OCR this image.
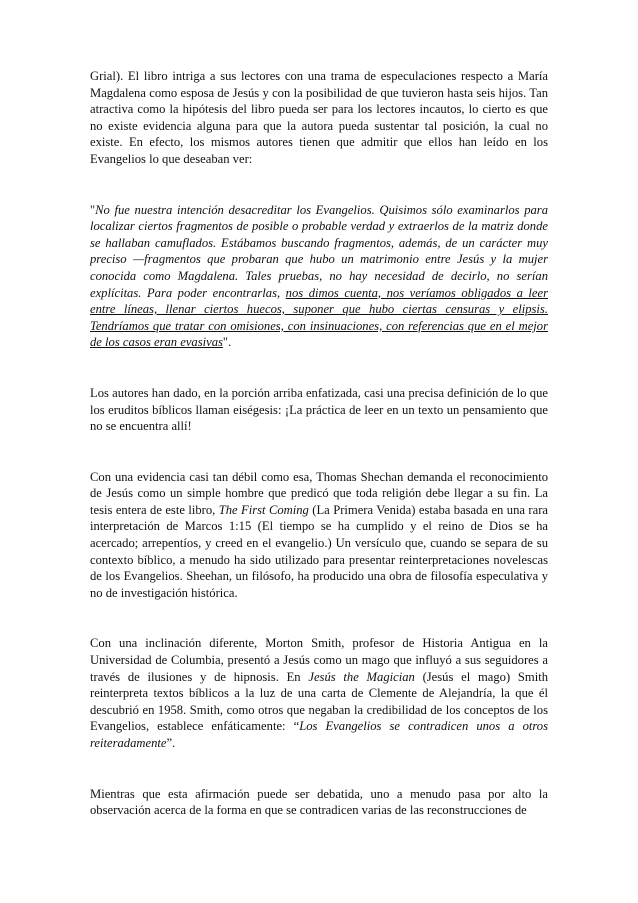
Grial). El libro intriga a sus lectores con una trama de especulaciones respecto a María Magdalena como esposa de Jesús y con la posibilidad de que tuvieron hasta seis hijos. Tan atractiva como la hipótesis del libro pueda ser para los lectores incautos, lo cierto es que no existe evidencia alguna para que la autora pueda sustentar tal posición, la cual no existe. En efecto, los mismos autores tienen que admitir que ellos han leído en los Evangelios lo que deseaban ver:

"No fue nuestra intención desacreditar los Evangelios. Quisimos sólo examinarlos para localizar ciertos fragmentos de posible o probable verdad y extraerlos de la matriz donde se hallaban camuflados. Estábamos buscando fragmentos, además, de un carácter muy preciso —fragmentos que probaran que hubo un matrimonio entre Jesús y la mujer conocida como Magdalena. Tales pruebas, no hay necesidad de decirlo, no serían explícitas. Para poder encontrarlas, nos dimos cuenta, nos veríamos obligados a leer entre líneas, llenar ciertos huecos, suponer que hubo ciertas censuras y elipsis. Tendríamos que tratar con omisiones, con insinuaciones, con referencias que en el mejor de los casos eran evasivas".

Los autores han dado, en la porción arriba enfatizada, casi una precisa definición de lo que los eruditos bíblicos llaman eiségesis: ¡La práctica de leer en un texto un pensamiento que no se encuentra allí!

Con una evidencia casi tan débil como esa, Thomas Shechan demanda el reconocimiento de Jesús como un simple hombre que predicó que toda religión debe llegar a su fin. La tesis entera de este libro, The First Coming (La Primera Venida) estaba basada en una rara interpretación de Marcos 1:15 (El tiempo se ha cumplido y el reino de Dios se ha acercado; arrepentíos, y creed en el evangelio.) Un versículo que, cuando se separa de su contexto bíblico, a menudo ha sido utilizado para presentar reinterpretaciones novelescas de los Evangelios. Sheehan, un filósofo, ha producido una obra de filosofía especulativa y no de investigación histórica.

Con una inclinación diferente, Morton Smith, profesor de Historia Antigua en la Universidad de Columbia, presentó a Jesús como un mago que influyó a sus seguidores a través de ilusiones y de hipnosis. En Jesús the Magician (Jesús el mago) Smith reinterpreta textos bíblicos a la luz de una carta de Clemente de Alejandría, la que él descubrió en 1958. Smith, como otros que negaban la credibilidad de los conceptos de los Evangelios, establece enfáticamente: “Los Evangelios se contradicen unos a otros reiteradamente”.

Mientras que esta afirmación puede ser debatida, uno a menudo pasa por alto la observación acerca de la forma en que se contradicen varias de las reconstrucciones de
